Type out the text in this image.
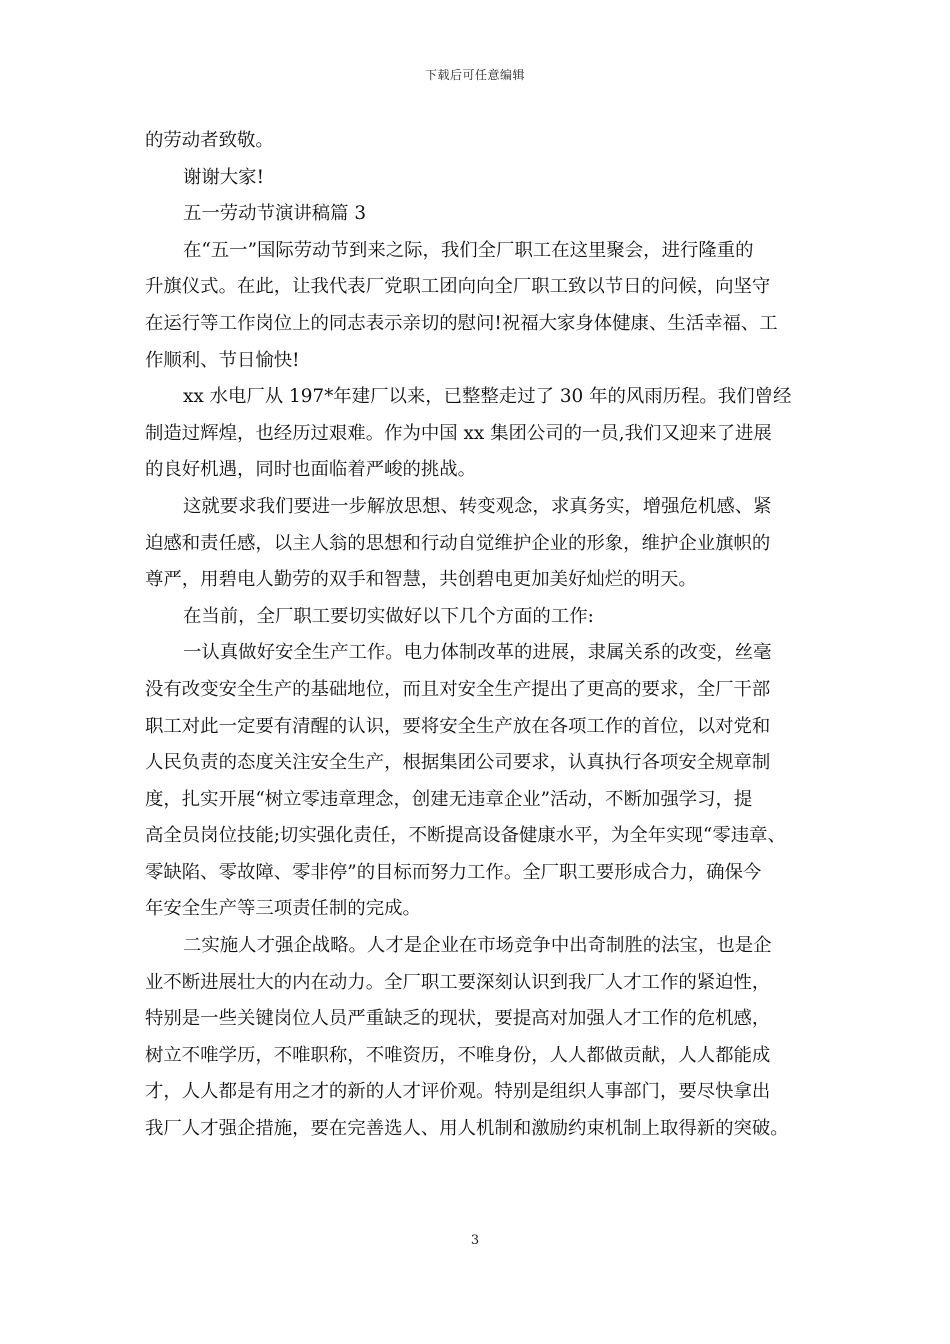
下载后可任意编辑
的劳动者致敬。
谢谢大家!
五一劳动节演讲稿篇 3
在“五一”国际劳动节到来之际，我们全厂职工在这里聚会，进行隆重的
升旗仪式。在此，让我代表厂党职工团向向全厂职工致以节日的问候，向坚守
在运行等工作岗位上的同志表示亲切的慰问!祝福大家身体健康、生活幸福、工
作顺利、节日愉快!
xx 水电厂从 197*年建厂以来，已整整走过了 30 年的风雨历程。我们曾经
制造过辉煌，也经历过艰难。作为中国 xx 集团公司的一员,我们又迎来了进展
的良好机遇，同时也面临着严峻的挑战。
这就要求我们要进一步解放思想、转变观念，求真务实，增强危机感、紧
迫感和责任感，以主人翁的思想和行动自觉维护企业的形象，维护企业旗帜的
尊严，用碧电人勤劳的双手和智慧，共创碧电更加美好灿烂的明天。
在当前，全厂职工要切实做好以下几个方面的工作:
一认真做好安全生产工作。电力体制改革的进展，隶属关系的改变，丝毫
没有改变安全生产的基础地位，而且对安全生产提出了更高的要求，全厂干部
职工对此一定要有清醒的认识，要将安全生产放在各项工作的首位，以对党和
人民负责的态度关注安全生产，根据集团公司要求，认真执行各项安全规章制
度，扎实开展“树立零违章理念，创建无违章企业”活动，不断加强学习，提
高全员岗位技能;切实强化责任，不断提高设备健康水平，为全年实现“零违章、
零缺陷、零故障、零非停”的目标而努力工作。全厂职工要形成合力，确保今
年安全生产等三项责任制的完成。
二实施人才强企战略。人才是企业在市场竞争中出奇制胜的法宝，也是企
业不断进展壮大的内在动力。全厂职工要深刻认识到我厂人才工作的紧迫性，
特别是一些关键岗位人员严重缺乏的现状，要提高对加强人才工作的危机感，
树立不唯学历，不唯职称，不唯资历，不唯身份，人人都做贡献，人人都能成
才，人人都是有用之才的新的人才评价观。特别是组织人事部门，要尽快拿出
我厂人才强企措施，要在完善选人、用人机制和激励约束机制上取得新的突破。
3
